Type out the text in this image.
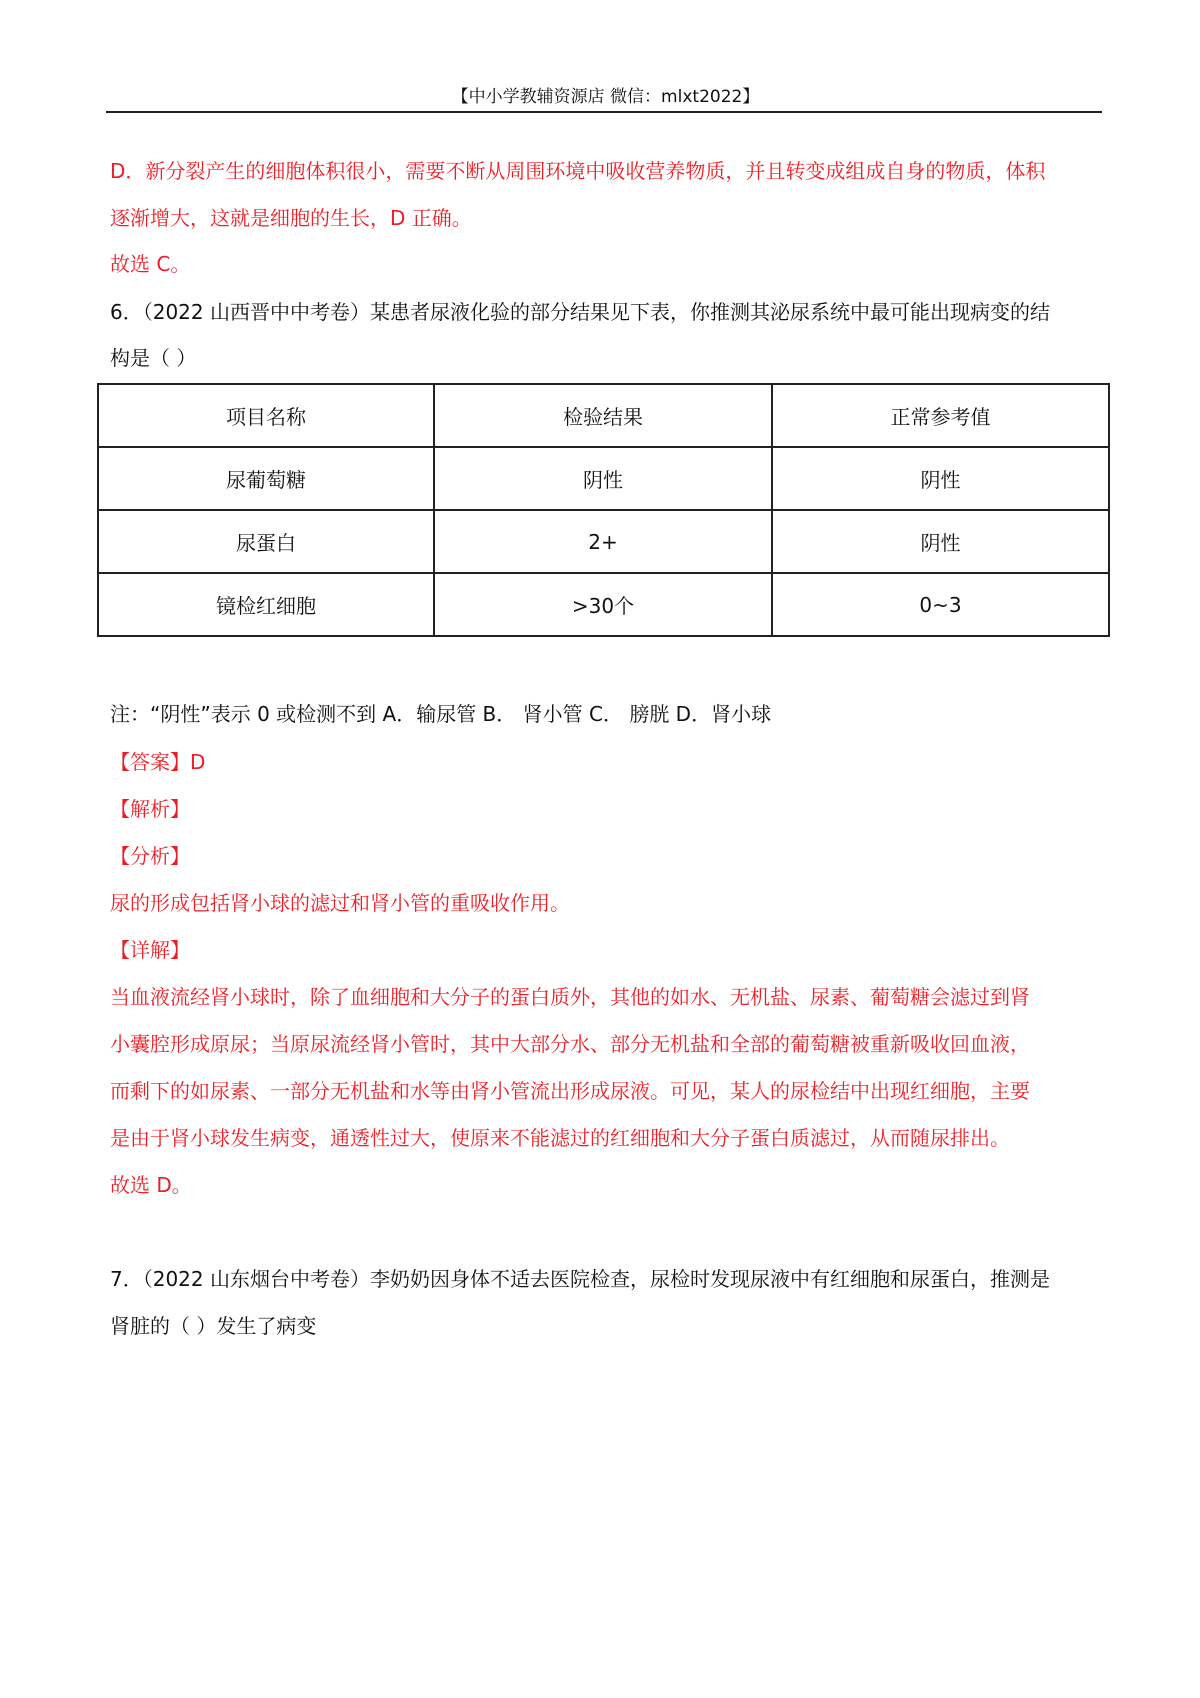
【中小学教辅资源店 微信：mlxt2022】
D．新分裂产生的细胞体积很小，需要不断从周围环境中吸收营养物质，并且转变成组成自身的物质，体积
逐渐增大，这就是细胞的生长，D 正确。
故选 C。
6．（2022 山西晋中中考卷）某患者尿液化验的部分结果见下表，你推测其泌尿系统中最可能出现病变的结
构是（ ）
项目名称	检验结果	正常参考值
尿葡萄糖	阴性	阴性
尿蛋白	2+	阴性
镜检红细胞	>30个	0~3
注：“阴性”表示 0 或检测不到 A．输尿管 B． 肾小管 C． 膀胱 D．肾小球
【答案】D
【解析】
【分析】
尿的形成包括肾小球的滤过和肾小管的重吸收作用。
【详解】
当血液流经肾小球时，除了血细胞和大分子的蛋白质外，其他的如水、无机盐、尿素、葡萄糖会滤过到肾
小囊腔形成原尿；当原尿流经肾小管时，其中大部分水、部分无机盐和全部的葡萄糖被重新吸收回血液，
而剩下的如尿素、一部分无机盐和水等由肾小管流出形成尿液。可见，某人的尿检结中出现红细胞，主要
是由于肾小球发生病变，通透性过大，使原来不能滤过的红细胞和大分子蛋白质滤过，从而随尿排出。
故选 D。
7．（2022 山东烟台中考卷）李奶奶因身体不适去医院检查，尿检时发现尿液中有红细胞和尿蛋白，推测是
肾脏的（ ）发生了病变
